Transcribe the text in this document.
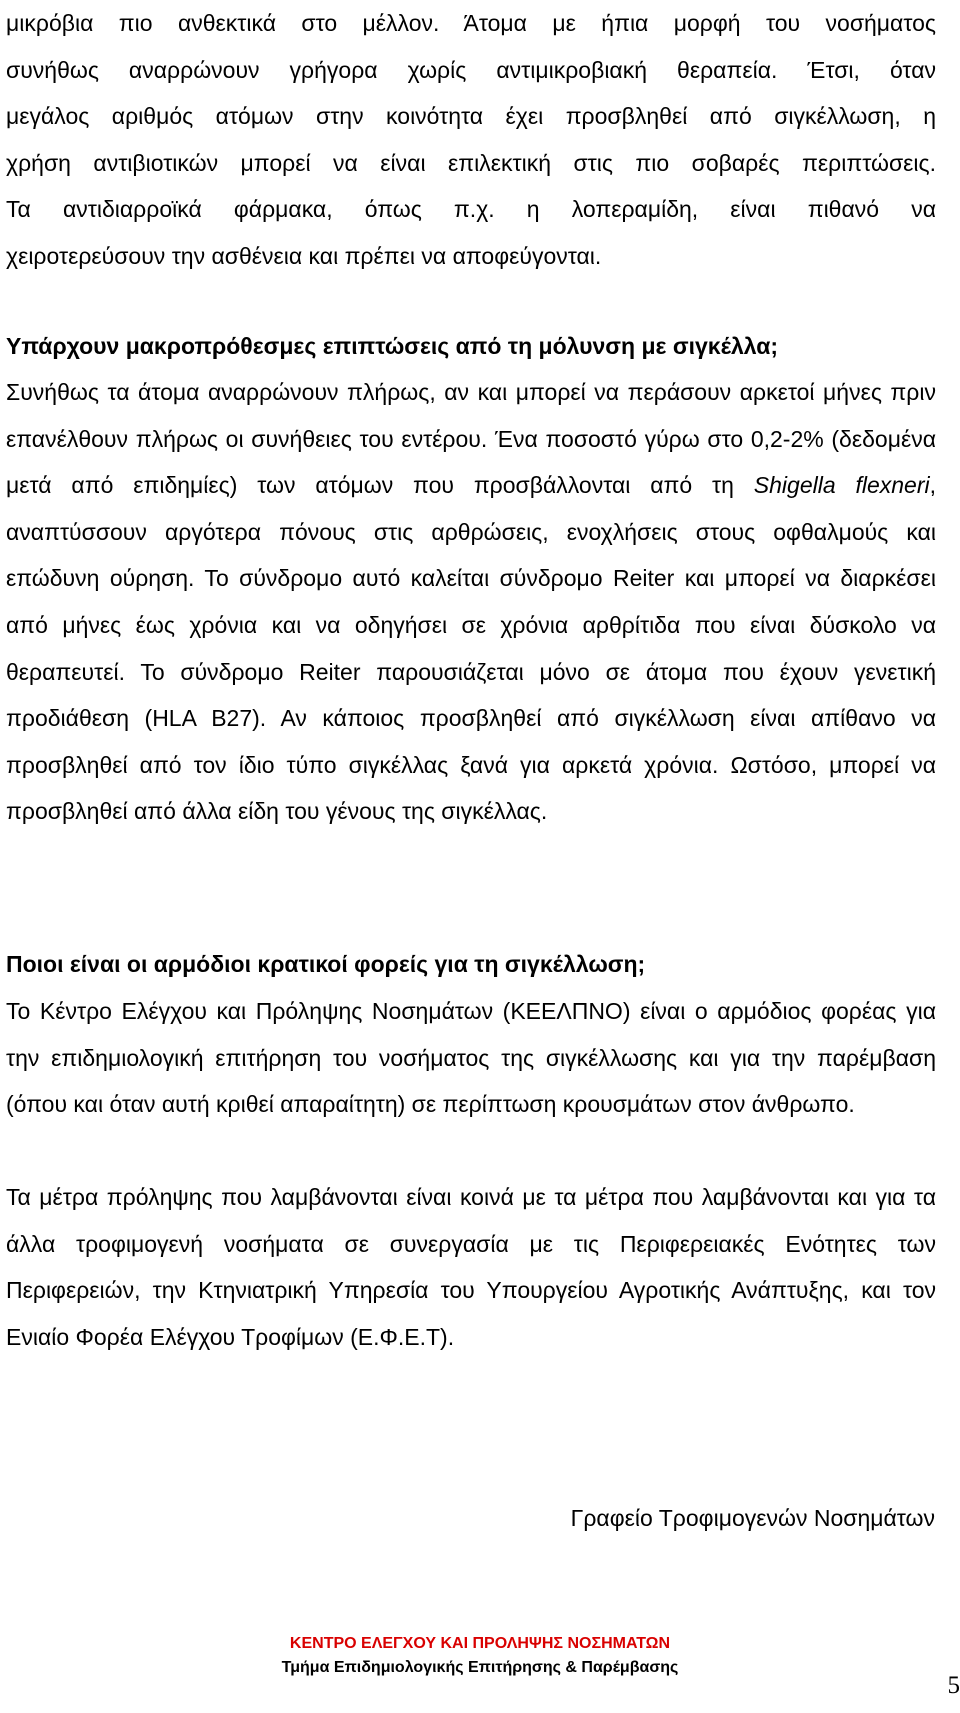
μικρόβια πιο ανθεκτικά στο μέλλον. Άτομα με ήπια μορφή του νοσήματος
συνήθως αναρρώνουν γρήγορα χωρίς αντιμικροβιακή θεραπεία. Έτσι, όταν
μεγάλος αριθμός ατόμων στην κοινότητα έχει προσβληθεί από σιγκέλλωση, η
χρήση αντιβιοτικών μπορεί να είναι επιλεκτική στις πιο σοβαρές περιπτώσεις.
Τα αντιδιαρροϊκά φάρμακα, όπως π.χ. η λοπεραμίδη, είναι πιθανό να
χειροτερεύσουν την ασθένεια και πρέπει να αποφεύγονται.
Υπάρχουν μακροπρόθεσμες επιπτώσεις από τη μόλυνση με σιγκέλλα;

Συνήθως τα άτομα αναρρώνουν πλήρως, αν και μπορεί να περάσουν αρκετοί μήνες πριν επανέλθουν πλήρως οι συνήθειες του εντέρου. Ένα ποσοστό γύρω στο 0,2-2% (δεδομένα μετά από επιδημίες) των ατόμων που προσβάλλονται από τη Shigella flexneri, αναπτύσσουν αργότερα πόνους στις αρθρώσεις, ενοχλήσεις στους οφθαλμούς και επώδυνη ούρηση. Το σύνδρομο αυτό καλείται σύνδρομο Reiter και μπορεί να διαρκέσει από μήνες έως χρόνια και να οδηγήσει σε χρόνια αρθρίτιδα που είναι δύσκολο να θεραπευτεί. Το σύνδρομο Reiter παρουσιάζεται μόνο σε άτομα που έχουν γενετική προδιάθεση (HLA B27). Αν κάποιος προσβληθεί από σιγκέλλωση είναι απίθανο να προσβληθεί από τον ίδιο τύπο σιγκέλλας ξανά για αρκετά χρόνια. Ωστόσο, μπορεί να προσβληθεί από άλλα είδη του γένους της σιγκέλλας.

Ποιοι είναι οι αρμόδιοι κρατικοί φορείς για τη σιγκέλλωση;

Το Κέντρο Ελέγχου και Πρόληψης Νοσημάτων (ΚΕΕΛΠΝΟ) είναι ο αρμόδιος φορέας για την επιδημιολογική επιτήρηση του νοσήματος της σιγκέλλωσης και για την παρέμβαση (όπου και όταν αυτή κριθεί απαραίτητη) σε περίπτωση κρουσμάτων στον άνθρωπο.

Τα μέτρα πρόληψης που λαμβάνονται είναι κοινά με τα μέτρα που λαμβάνονται και για τα άλλα τροφιμογενή νοσήματα σε συνεργασία με τις Περιφερειακές Ενότητες των Περιφερειών, την Κτηνιατρική Υπηρεσία του Υπουργείου Αγροτικής Ανάπτυξης, και τον Ενιαίο Φορέα Ελέγχου Τροφίμων (Ε.Φ.Ε.Τ).

Γραφείο Τροφιμογενών Νοσημάτων
ΚΕΝΤΡΟ ΕΛΕΓΧΟΥ ΚΑΙ ΠΡΟΛΗΨΗΣ ΝΟΣΗΜΑΤΩΝ
Τμήμα Επιδημιολογικής Επιτήρησης & Παρέμβασης
5
